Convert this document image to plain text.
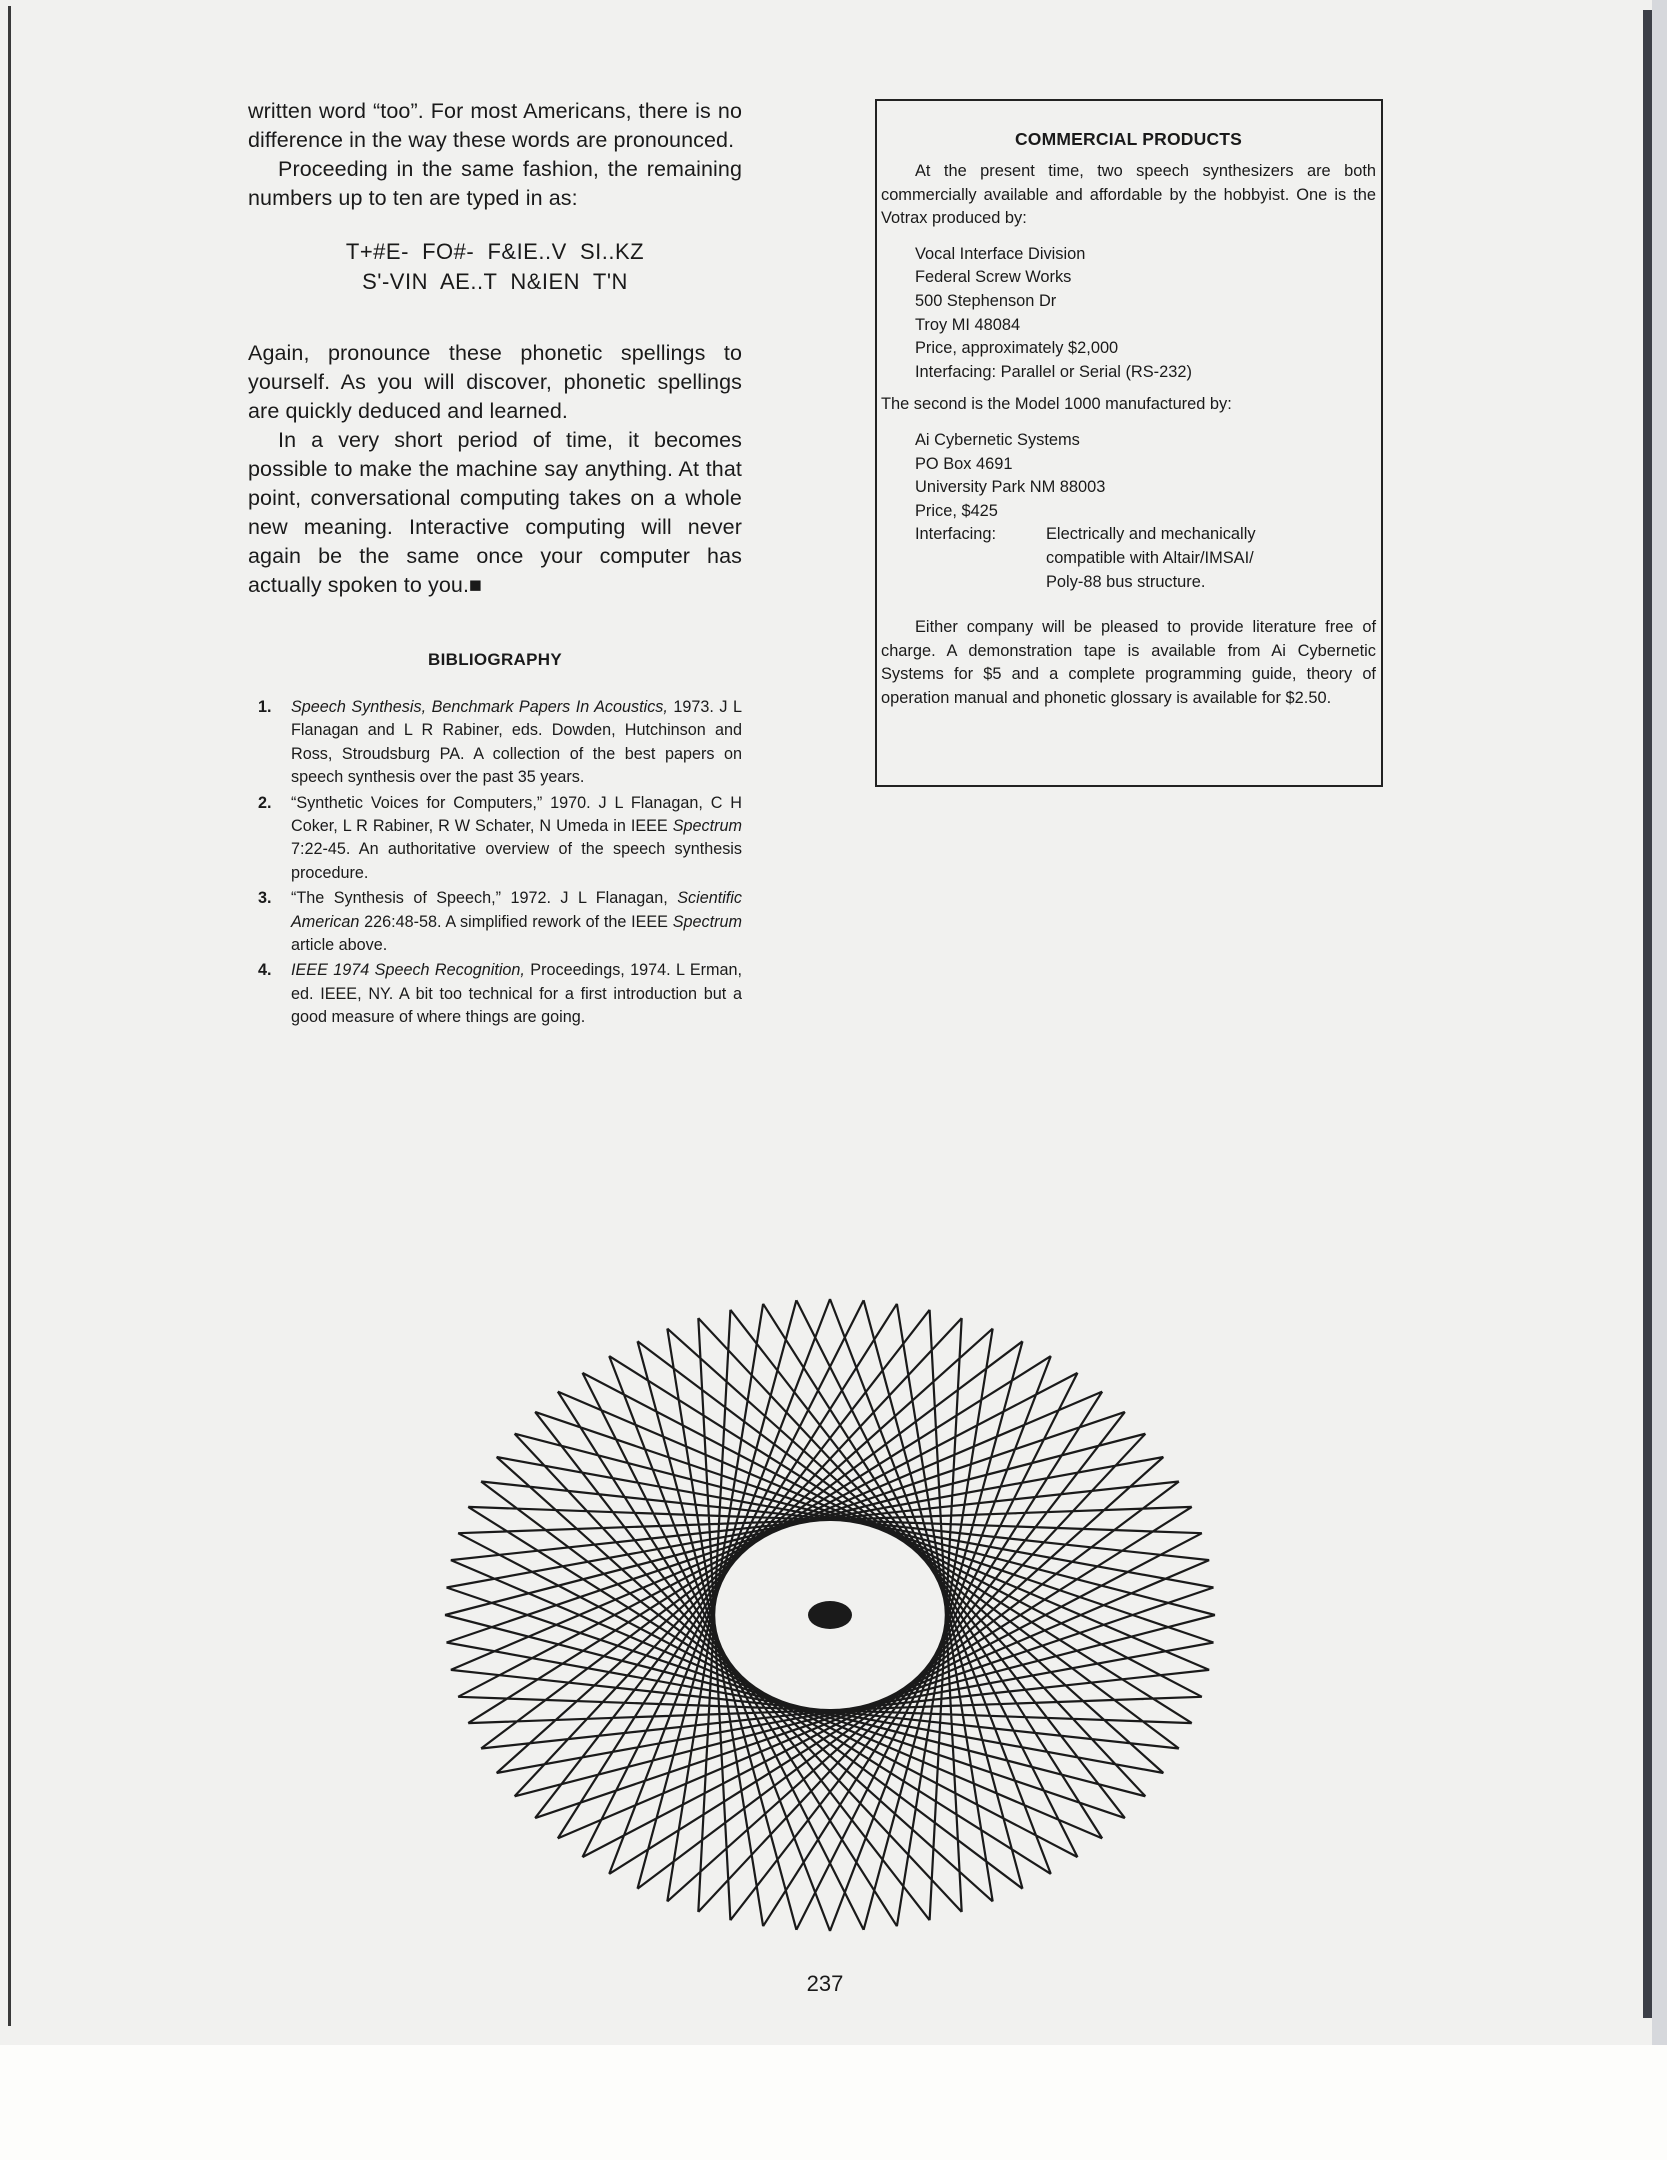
written word “too”. For most Americans, there is no difference in the way these words are pronounced.

Proceeding in the same fashion, the remaining numbers up to ten are typed in as:

T+#E-  FO#-  F&IE..V  SI..KZ
S'-VIN  AE..T  N&IEN  T'N

Again, pronounce these phonetic spellings to yourself. As you will discover, phonetic spellings are quickly deduced and learned.

In a very short period of time, it becomes possible to make the machine say anything. At that point, conversational computing takes on a whole new meaning. Interactive computing will never again be the same once your computer has actually spoken to you.■

BIBLIOGRAPHY
1. Speech Synthesis, Benchmark Papers In Acoustics, 1973. J L Flanagan and L R Rabiner, eds. Dowden, Hutchinson and Ross, Stroudsburg PA. A collection of the best papers on speech synthesis over the past 35 years.
2. “Synthetic Voices for Computers,” 1970. J L Flanagan, C H Coker, L R Rabiner, R W Schater, N Umeda in IEEE Spectrum 7:22-45. An authoritative overview of the speech synthesis procedure.
3. “The Synthesis of Speech,” 1972. J L Flanagan, Scientific American 226:48-58. A simplified rework of the IEEE Spectrum article above.
4. IEEE 1974 Speech Recognition, Proceedings, 1974. L Erman, ed. IEEE, NY. A bit too technical for a first introduction but a good measure of where things are going.
COMMERCIAL PRODUCTS

At the present time, two speech synthesizers are both commercially available and affordable by the hobbyist. One is the Votrax produced by:

Vocal Interface Division
Federal Screw Works
500 Stephenson Dr
Troy MI 48084
Price, approximately $2,000
Interfacing: Parallel or Serial (RS-232)

The second is the Model 1000 manufactured by:

Ai Cybernetic Systems
PO Box 4691
University Park NM 88003
Price, $425
Interfacing:	Electrically and mechanically
compatible with Altair/IMSAI/
Poly-88 bus structure.

Either company will be pleased to provide literature free of charge. A demonstration tape is available from Ai Cybernetic Systems for $5 and a complete programming guide, theory of operation manual and phonetic glossary is available for $2.50.

237
